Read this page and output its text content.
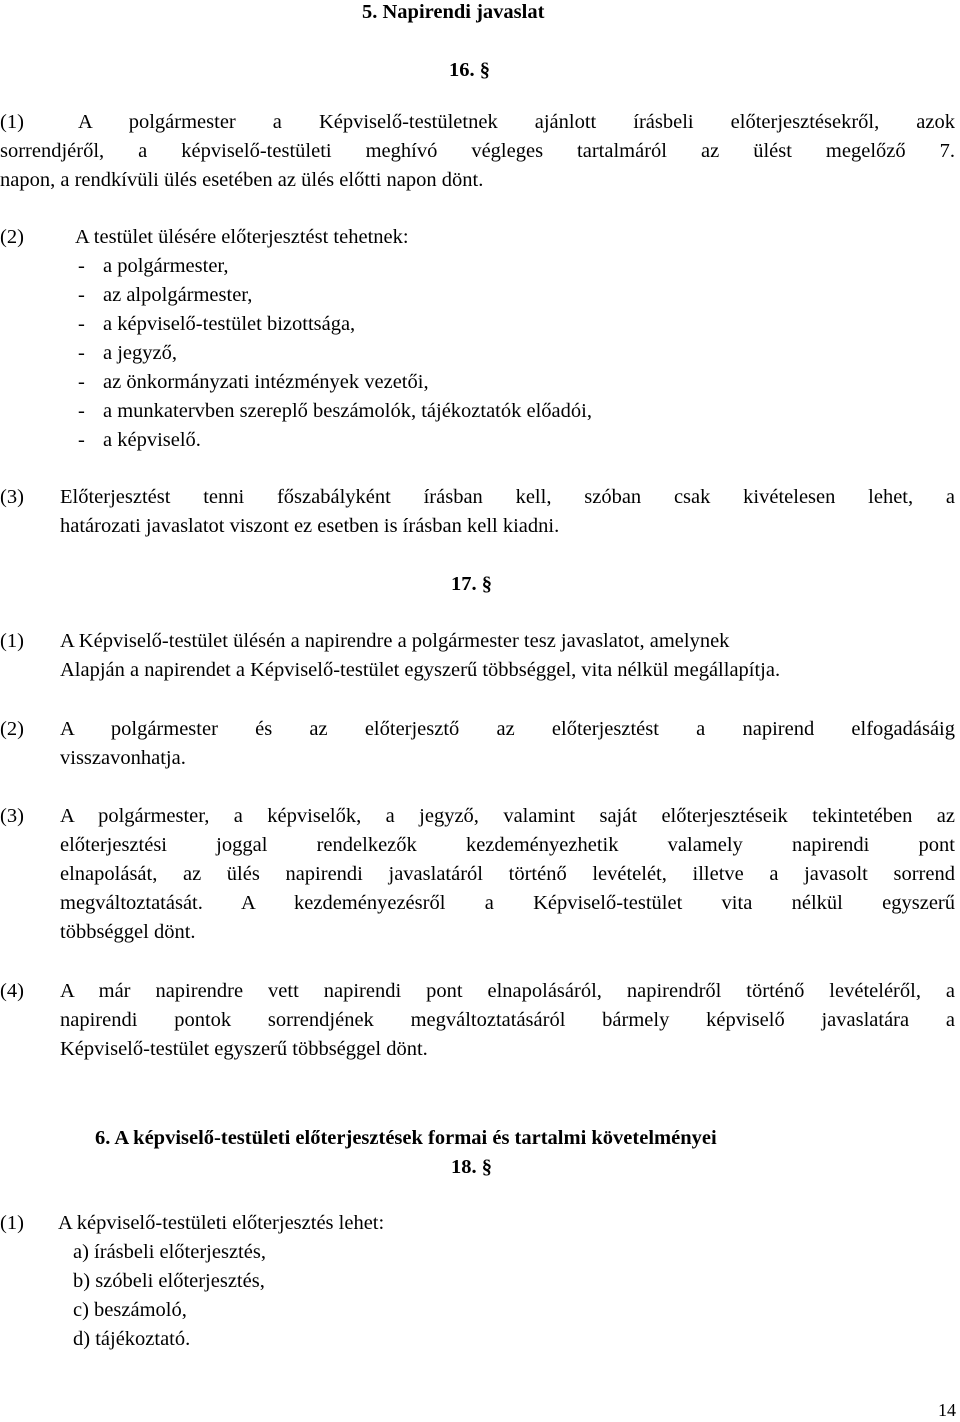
5. Napirendi javaslat
16. §
(1)	A polgármester a Képviselő-testületnek ajánlott írásbeli előterjesztésekről, azok
sorrendjéről, a képviselő-testületi meghívó végleges tartalmáról az ülést megelőző 7.
napon, a rendkívüli ülés esetében az ülés előtti napon dönt.
(2) A testület ülésére előterjesztést tehetnek:
- a polgármester,
- az alpolgármester,
- a képviselő-testület bizottsága,
- a jegyző,
- az önkormányzati intézmények vezetői,
- a munkatervben szereplő beszámolók, tájékoztatók előadói,
- a képviselő.
(3) Előterjesztést tenni főszabályként írásban kell, szóban csak kivételesen lehet, a
határozati javaslatot viszont ez esetben is írásban kell kiadni.
17. §
(1) A Képviselő-testület ülésén a napirendre a polgármester tesz javaslatot, amelynek
Alapján a napirendet a Képviselő-testület egyszerű többséggel, vita nélkül megállapítja.
(2) A polgármester és az előterjesztő az előterjesztést a napirend elfogadásáig
visszavonhatja.
(3) A polgármester, a képviselők, a jegyző, valamint saját előterjesztéseik tekintetében az
előterjesztési joggal rendelkezők kezdeményezhetik valamely napirendi pont
elnapolását, az ülés napirendi javaslatáról történő levételét, illetve a javasolt sorrend
megváltoztatását. A kezdeményezésről a Képviselő-testület vita nélkül egyszerű
többséggel dönt.
(4) A már napirendre vett napirendi pont elnapolásáról, napirendről történő levételéről, a
napirendi pontok sorrendjének megváltoztatásáról bármely képviselő javaslatára a
Képviselő-testület egyszerű többséggel dönt.
6. A képviselő-testületi előterjesztések formai és tartalmi követelményei
18. §
(1) A képviselő-testületi előterjesztés lehet:
a) írásbeli előterjesztés,
b) szóbeli előterjesztés,
c) beszámoló,
d) tájékoztató.
14
